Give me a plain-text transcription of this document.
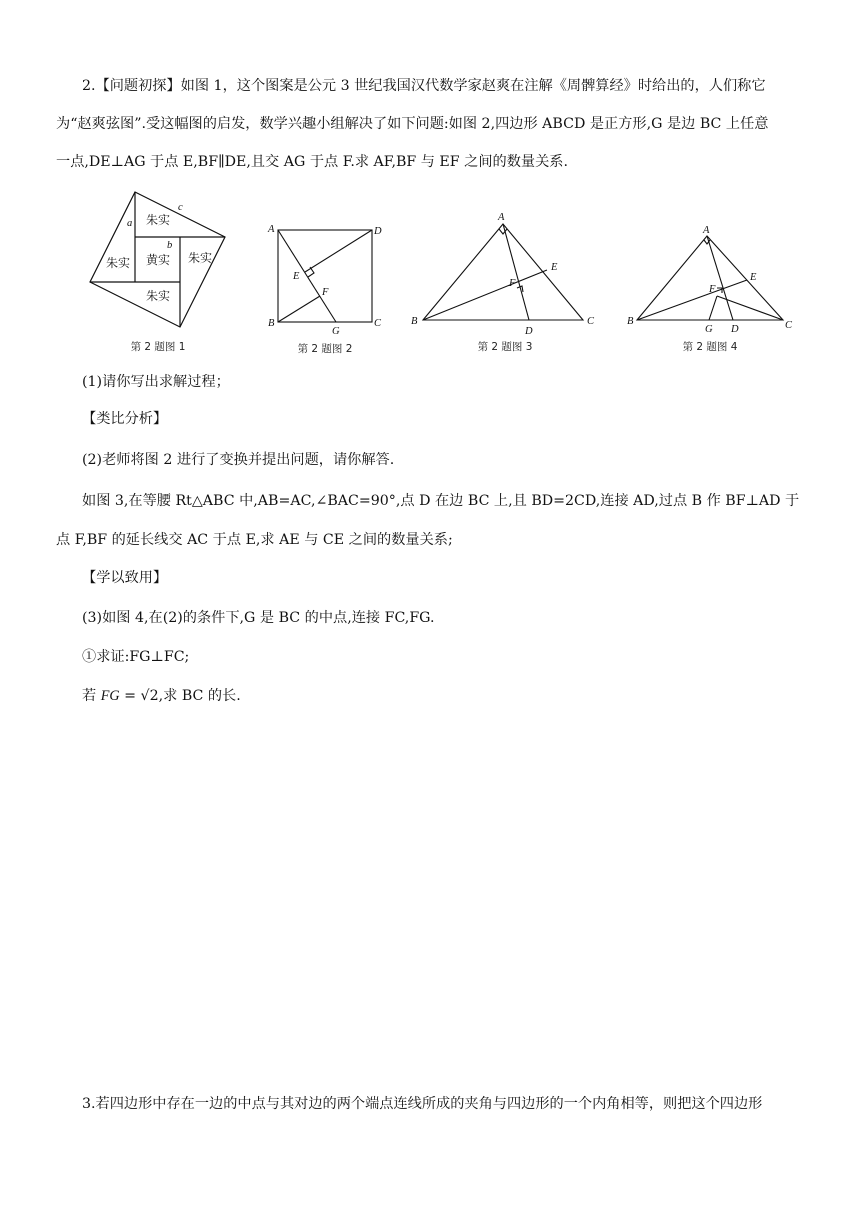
2.【问题初探】如图 1，这个图案是公元 3 世纪我国汉代数学家赵爽在注解《周髀算经》时给出的，人们称它
为“赵爽弦图”.受这幅图的启发，数学兴趣小组解决了如下问题:如图 2,四边形 ABCD 是正方形,G 是边 BC 上任意
一点,DE⊥AG 于点 E,BF∥DE,且交 AG 于点 F.求 AF,BF 与 EF 之间的数量关系.
朱实
朱实
朱实
朱实 黄实
a
b
c
第 2 题图 1
A	D
B	C
E
F
G
第 2 题图 2
A
B	C
D
E
F
第 2 题图 3
A
B	C
D
E
F
G
第 2 题图 4
(1)请你写出求解过程；
【类比分析】
(2)老师将图 2 进行了变换并提出问题，请你解答.
如图 3,在等腰 Rt△ABC 中,AB=AC,∠BAC=90°,点 D 在边 BC 上,且 BD=2CD,连接 AD,过点 B 作 BF⊥AD 于
点 F,BF 的延长线交 AC 于点 E,求 AE 与 CE 之间的数量关系;
【学以致用】
(3)如图 4,在(2)的条件下,G 是 BC 的中点,连接 FC,FG.
①求证:FG⊥FC;
若 FG = √2,求 BC 的长.
3.若四边形中存在一边的中点与其对边的两个端点连线所成的夹角与四边形的一个内角相等，则把这个四边形
